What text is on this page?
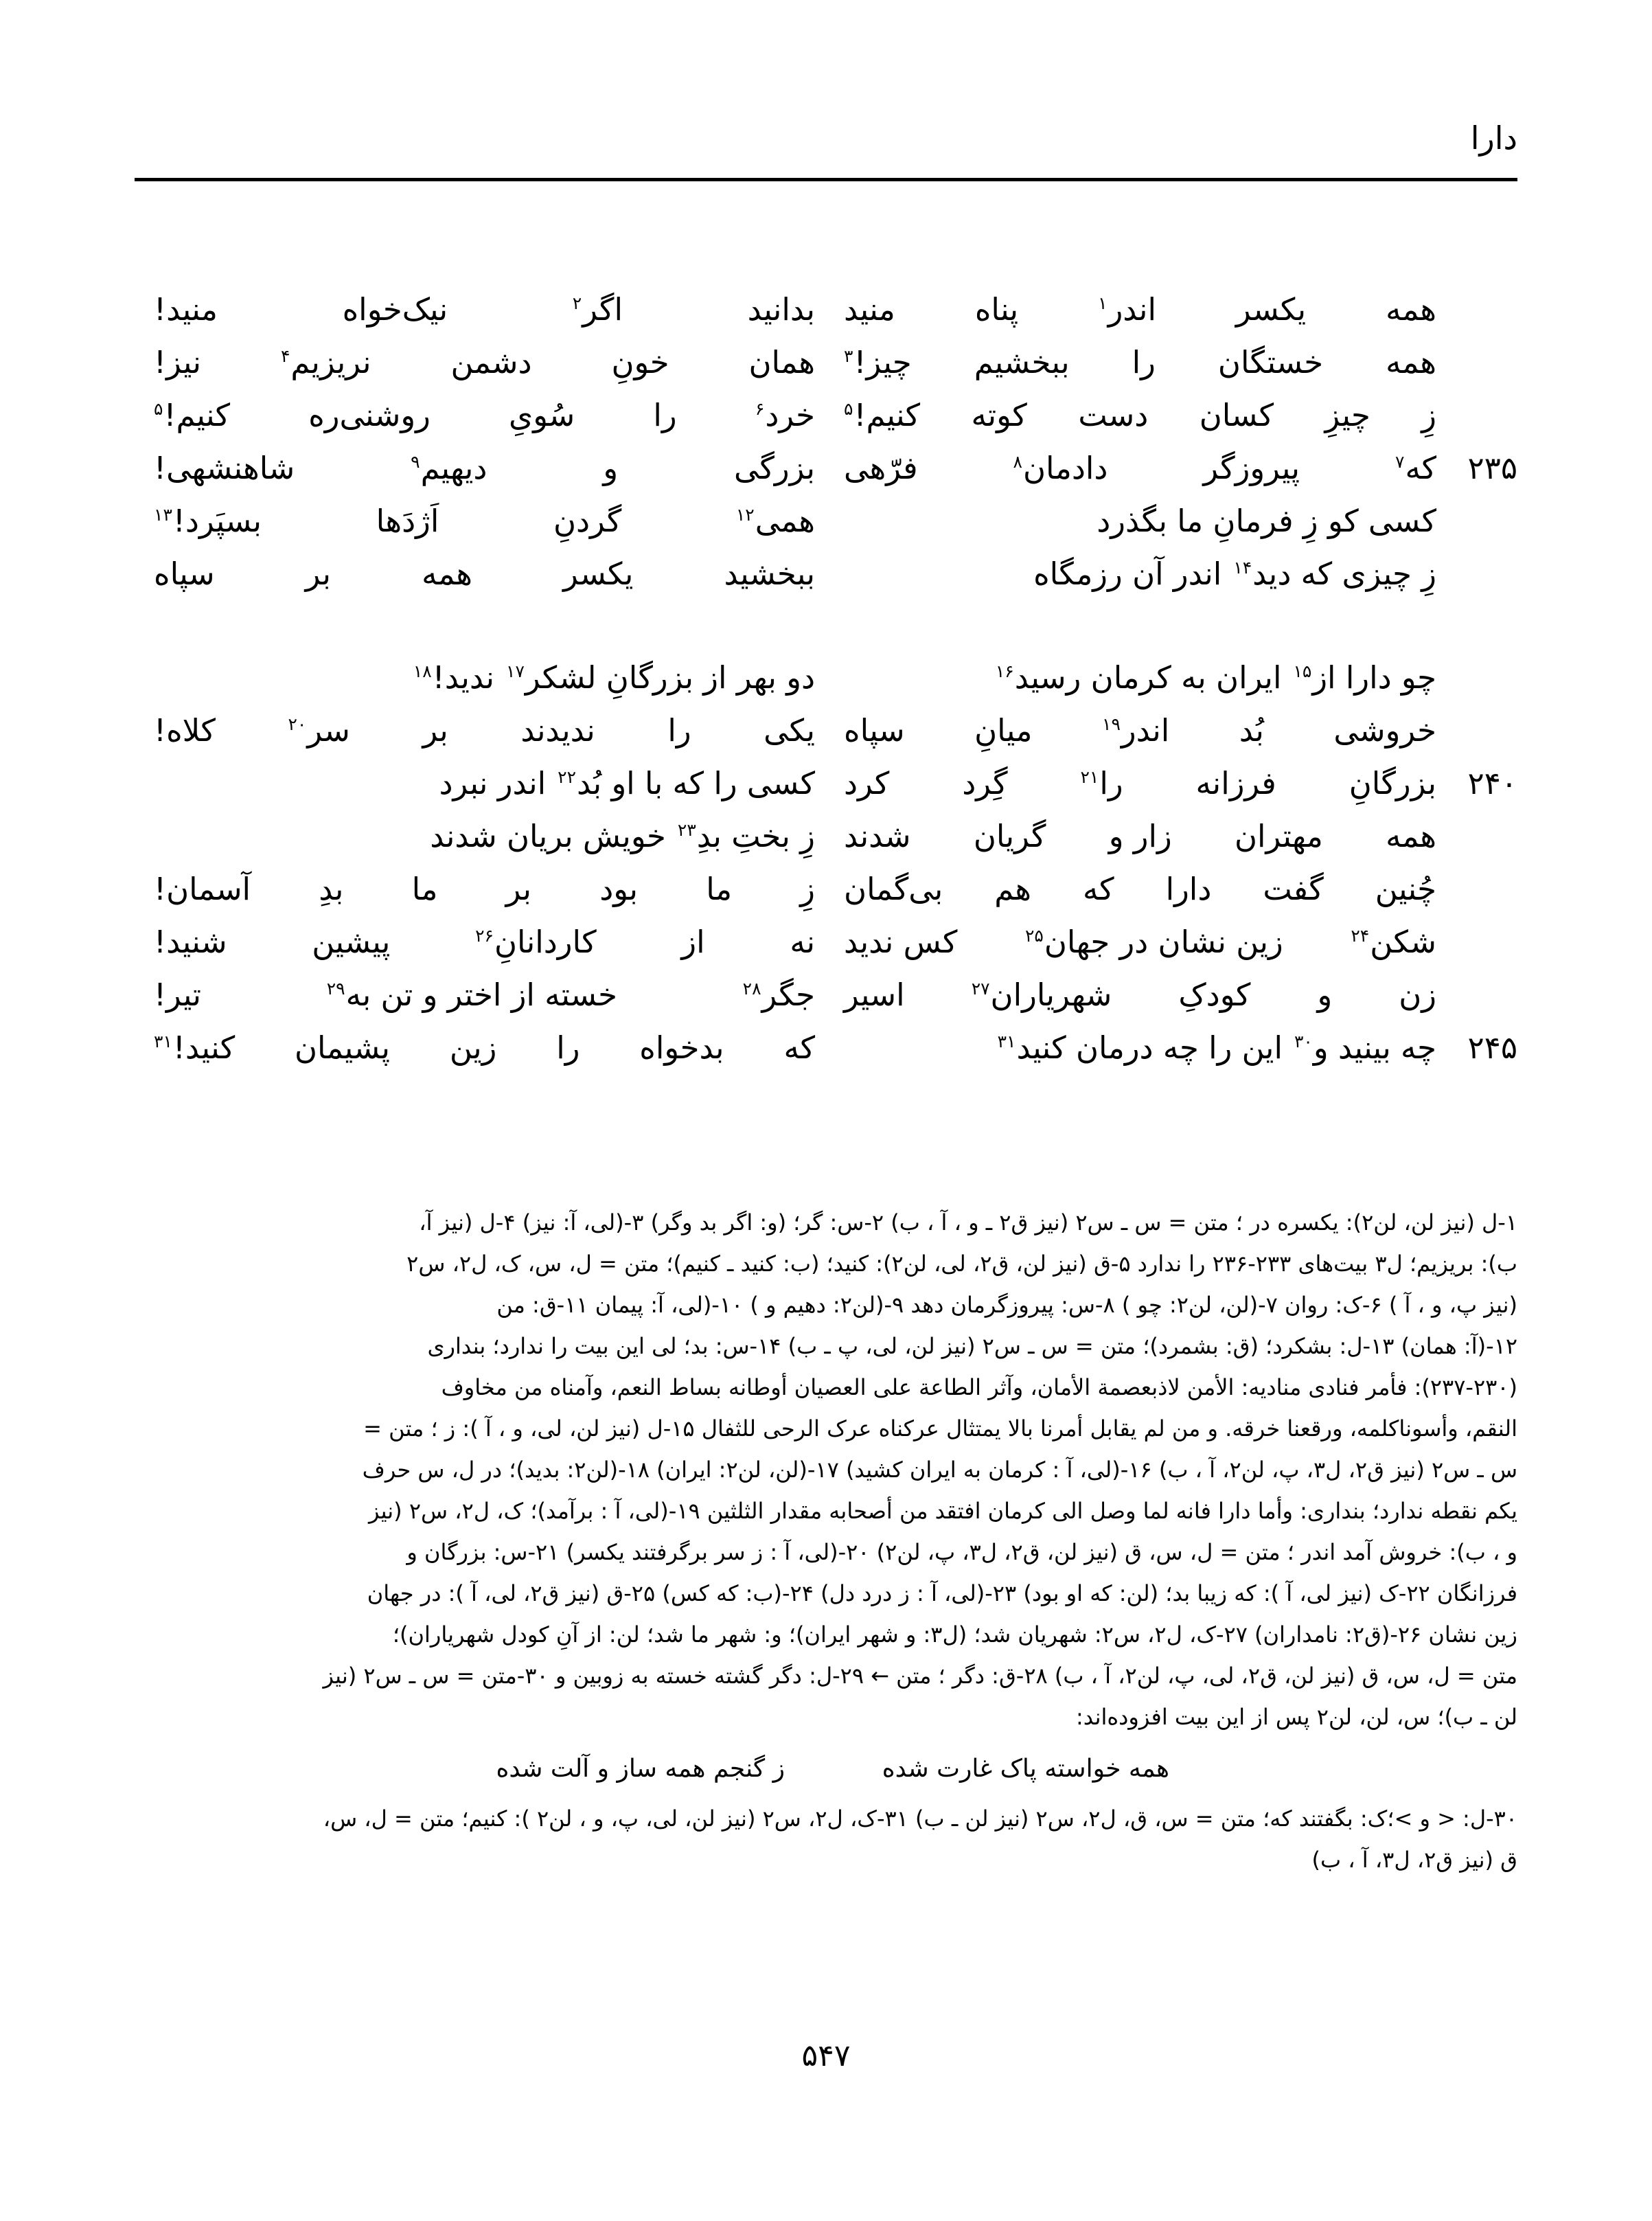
دارا
همه
یکسر
اندر$^۱$
پناه
منید
بدانید
اگر$^۲$
نیک‌خواه
منید!
همه
خستگان
را
ببخشیم
چیز!$^۳$
همان
خونِ
دشمن
نریزیم$^۴$
نیز!
زِ
چیزِ
کسان
دست
کوته
کنیم!$^۵$
خرد$^۶$
را
سُویِ
روشنی‌ره
کنیم!$^۵$
۲۳۵
که$^۷$
پیروزگر
دادمان$^۸$
فرّهی
بزرگی
و
دیهیم$^۹$
شاهنشهی!
کسی کو زِ فرمانِ ما بگذرد
همی$^{۱۲}$
گردنِ
اَژدَها
بسپَرد!$^{۱۳}$
زِ چیزی که دید$^{۱۴}$
اندر آن رزمگاه
ببخشید
یکسر
همه
بر
سپاه
چو دارا از$^{۱۵}$
ایران به کرمان رسید$^{۱۶}$
دو بهر از بزرگانِ لشکر$^{۱۷}$
ندید!$^{۱۸}$
خروشی
بُد
اندر$^{۱۹}$
میانِ
سپاه
یکی
را
ندیدند
بر
سر$^{۲۰}$
کلاه!
۲۴۰
بزرگانِ
فرزانه
را$^{۲۱}$
گِرد
کرد
کسی را که با او بُد$^{۲۲}$
اندر نبرد
همه
مهتران
زار و
گریان
شدند
زِ بختِ بدِ$^{۲۳}$
خویش بریان شدند
چُنین
گفت
دارا
که
هم
بی‌گمان
زِ
ما
بود
بر
ما
بدِ
آسمان!
شکن$^{۲۴}$
زین نشان در جهان$^{۲۵}$
کس ندید
نه
از
کاردانانِ$^{۲۶}$
پیشین
شنید!
زن
و
کودکِ
شهریاران$^{۲۷}$
اسیر
جگر$^{۲۸}$
خسته از اختر و تن به$^{۲۹}$
تیر!
۲۴۵
چه بینید و$^{۳۰}$
این را چه درمان کنید$^{۳۱}$
که
بدخواه
را
زین
پشیمان
کنید!$^{۳۱}$
۱-ل (نیز لن، لن٢): یکسره در ؛ متن = س ـ س٢ (نیز ق٢ ـ و ، آ ، ب) ٢-س: گر؛ (و: اگر بد وگر) ٣-(لی، آ: نیز) ۴-ل (نیز آ،
ب): بریزیم؛ ل٣ بیت‌های ٢٣٣-٢٣۶ را ندارد ۵-ق (نیز لن، ق٢، لی، لن٢): کنید؛ (ب: کنید ـ کنیم)؛ متن = ل، س، ک، ل٢، س٢
(نیز پ، و ، آ ) ۶-ک: روان ٧-(لن، لن٢: چو ) ٨-س: پیروزگرمان دهد ٩-(لن٢: دهیم و ) ١٠-(لی، آ: پیمان ١١-ق: من
١٢-(آ: همان) ١٣-ل: بشکرد؛ (ق: بشمرد)؛ متن = س ـ س٢ (نیز لن، لی، پ ـ ب) ١۴-س: بد؛ لی این بیت را ندارد؛ بنداری
(٢٣٠-٢٣٧): فأمر فنادی منادیه: الأمن لاذبعصمة الأمان، وآثر الطاعة علی العصیان أوطانه بساط النعم، وآمناه من مخاوف
النقم، وأسوناکلمه، ورقعنا خرقه. و من لم یقابل أمرنا بالا یمتثال عرکناه عرک الرحی للثفال ١۵-ل (نیز لن، لی، و ، آ ): ز ؛ متن =
س ـ س٢ (نیز ق٢، ل٣، پ، لن٢، آ ، ب) ١۶-(لی، آ : کرمان به ایران کشید) ١٧-(لن، لن٢: ایران) ١٨-(لن٢: بدید)؛ در ل، س حرف
یکم نقطه ندارد؛ بنداری: وأما دارا فانه لما وصل الی کرمان افتقد من أصحابه مقدار الثلثین ١٩-(لی، آ : برآمد)؛ ک، ل٢، س٢ (نیز
و ، ب): خروش آمد اندر ؛ متن = ل، س، ق (نیز لن، ق٢، ل٣، پ، لن٢) ٢٠-(لی، آ : ز سر برگرفتند یکسر) ٢١-س: بزرگان و
فرزانگان ٢٢-ک (نیز لی، آ ): که زیبا بد؛ (لن: که او بود) ٢٣-(لی، آ : ز درد دل) ٢۴-(ب: که کس) ٢۵-ق (نیز ق٢، لی، آ ): در جهان
زین نشان ٢۶-(ق٢: نامداران) ٢٧-ک، ل٢، س٢: شهریان شد؛ (ل٣: و شهر ایران)؛ و: شهر ما شد؛ لن: از آنِ کودل شهریاران)؛
متن = ل، س، ق (نیز لن، ق٢، لی، پ، لن٢، آ ، ب) ٢٨-ق: دگر ؛ متن ← ٢٩-ل: دگر گشته خسته به زوبین و ٣٠-متن = س ـ س٢ (نیز
لن ـ ب)؛ س، لن، لن٢ پس از این بیت افزوده‌اند:
همه خواسته پاک غارت شده
ز گنجم همه ساز و آلت شده
٣٠-ل: < و >؛ک: بگفتند که؛ متن = س، ق، ل٢، س٢ (نیز لن ـ ب) ٣١-ک، ل٢، س٢ (نیز لن، لی، پ، و ، لن٢ ): کنیم؛ متن = ل، س،
ق (نیز ق٢، ل٣، آ ، ب)
۵۴۷
